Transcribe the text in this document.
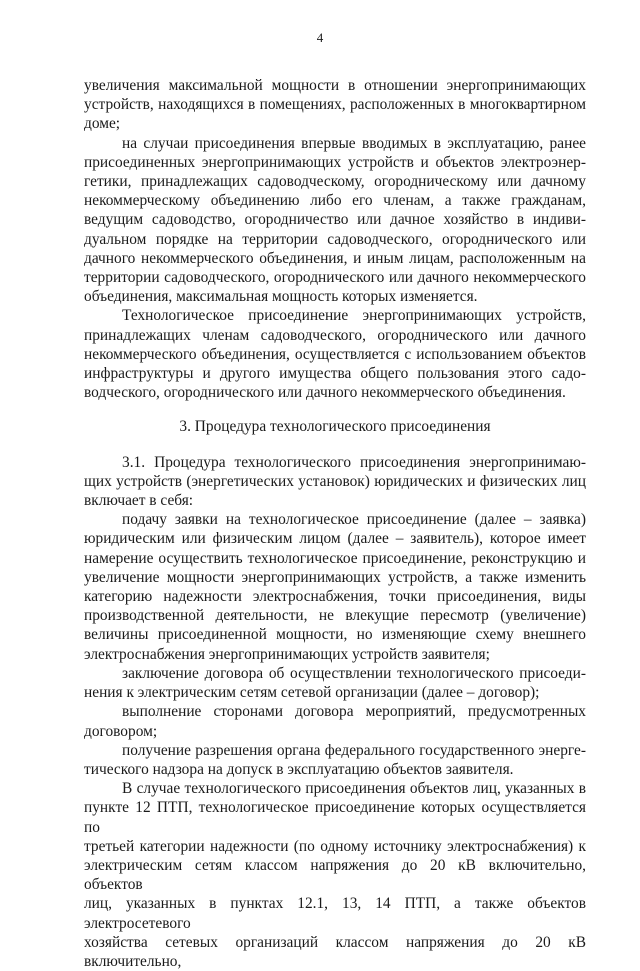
4
увеличения максимальной мощности в отношении энергопринимающих
устройств, находящихся в помещениях, расположенных в многоквартирном
доме;
на случаи присоединения впервые вводимых в эксплуатацию, ранее
присоединенных энергопринимающих устройств и объектов электроэнер-
гетики, принадлежащих садоводческому, огородническому или дачному
некоммерческому объединению либо его членам, а также гражданам,
ведущим садоводство, огородничество или дачное хозяйство в индиви-
дуальном порядке на территории садоводческого, огороднического или
дачного некоммерческого объединения, и иным лицам, расположенным на
территории садоводческого, огороднического или дачного некоммерческого
объединения, максимальная мощность которых изменяется.
Технологическое присоединение энергопринимающих устройств,
принадлежащих членам садоводческого, огороднического или дачного
некоммерческого объединения, осуществляется с использованием объектов
инфраструктуры и другого имущества общего пользования этого садо-
водческого, огороднического или дачного некоммерческого объединения.
3. Процедура технологического присоединения
3.1. Процедура технологического присоединения энергопринимаю-
щих устройств (энергетических установок) юридических и физических лиц
включает в себя:
подачу заявки на технологическое присоединение (далее – заявка)
юридическим или физическим лицом (далее – заявитель), которое имеет
намерение осуществить технологическое присоединение, реконструкцию и
увеличение мощности энергопринимающих устройств, а также изменить
категорию надежности электроснабжения, точки присоединения, виды
производственной деятельности, не влекущие пересмотр (увеличение)
величины присоединенной мощности, но изменяющие схему внешнего
электроснабжения энергопринимающих устройств заявителя;
заключение договора об осуществлении технологического присоеди-
нения к электрическим сетям сетевой организации (далее – договор);
выполнение сторонами договора мероприятий, предусмотренных
договором;
получение разрешения органа федерального государственного энерге-
тического надзора на допуск в эксплуатацию объектов заявителя.
В случае технологического присоединения объектов лиц, указанных в
пункте 12 ПТП, технологическое присоединение которых осуществляется по
третьей категории надежности (по одному источнику электроснабжения) к
электрическим сетям классом напряжения до 20 кВ включительно, объектов
лиц, указанных в пунктах 12.1, 13, 14 ПТП, а также объектов электросетевого
хозяйства сетевых организаций классом напряжения до 20 кВ включительно,
